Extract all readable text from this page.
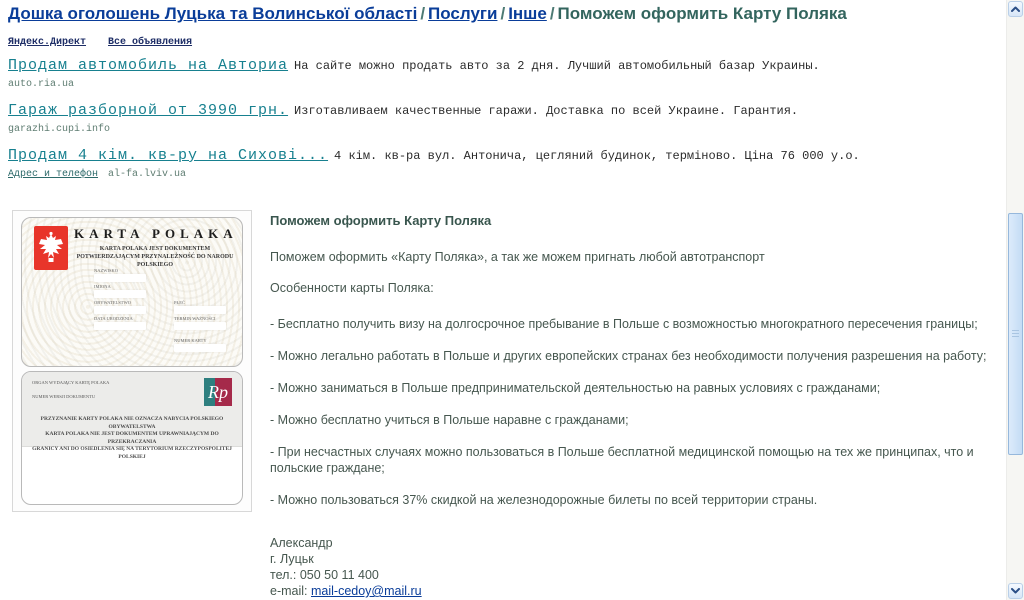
Дошка оголошень Луцька та Волинської області / Послуги / Інше / Поможем оформить Карту Поляка
Яндекс.Директ Все объявления
Продам автомобиль на Авториа На сайте можно продать авто за 2 дня. Лучший автомобильный базар Украины.
auto.ria.ua
Гараж разборной от 3990 грн. Изготавливаем качественные гаражи. Доставка по всей Украине. Гарантия.
garazhi.cupi.info
Продам 4 кім. кв-ру на Сихові... 4 кім. кв-ра вул. Антонича, цегляний будинок, терміново. Ціна 76 000 у.о.
Адрес и телефон al-fa.lviv.ua
KARTA POLAKA
KARTA POLAKA JEST DOKUMENTEM POTWIERDZAJĄCYM PRZYNALEŻNOŚĆ DO NARODU POLSKIEGO
NAZWISKO
IMIONA
OBYWATELSTWO
DATA URODZENIA
PŁEĆ
TERMIN WAŻNOŚCI
NUMER KARTY
ORGAN WYDAJĄCY KARTĘ POLAKA
NUMER WERSJI DOKUMENTU	Rp
PRZYZNANIE KARTY POLAKA NIE OZNACZA NABYCIA POLSKIEGO OBYWATELSTWA
KARTA POLAKA NIE JEST DOKUMENTEM UPRAWNIAJĄCYM DO PRZEKRACZANIA
GRANICY ANI DO OSIEDLENIA SIĘ NA TERYTORIUM RZECZYPOSPOLITEJ POLSKIEJ
Поможем оформить Карту Поляка

Поможем оформить «Карту Поляка», а так же можем пригнать любой автотранспорт

Особенности карты Поляка:

- Бесплатно получить визу на долгосрочное пребывание в Польше с возможностью многократного пересечения границы;

- Можно легально работать в Польше и других европейских странах без необходимости получения разрешения на работу;

- Можно заниматься в Польше предпринимательской деятельностью на равных условиях с гражданами;

- Можно бесплатно учиться в Польше наравне с гражданами;

- При несчастных случаях можно пользоваться в Польше бесплатной медицинской помощью на тех же принципах, что и польские граждане;

- Можно пользоваться 37% скидкой на железнодорожные билеты по всей территории страны.

Александр
г. Луцьк
тел.: 050 50 11 400
e-mail: mail-cedoy@mail.ru
